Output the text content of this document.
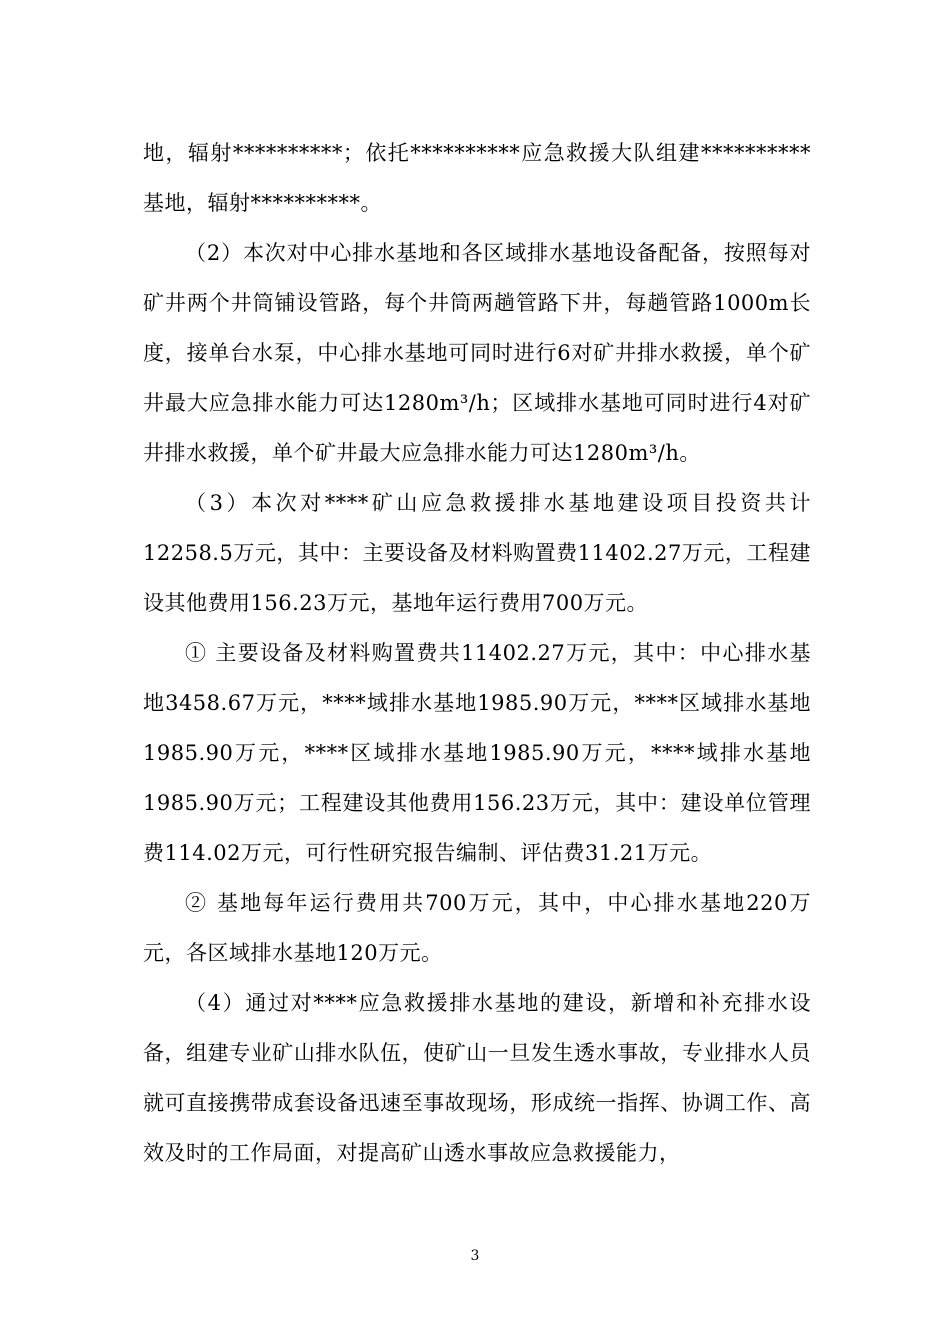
地，辐射**********；依托**********应急救援大队组建**********基地，辐射**********。

（2）本次对中心排水基地和各区域排水基地设备配备，按照每对矿井两个井筒铺设管路，每个井筒两趟管路下井，每趟管路1000m长度，接单台水泵，中心排水基地可同时进行6对矿井排水救援，单个矿井最大应急排水能力可达1280m³/h；区域排水基地可同时进行4对矿井排水救援，单个矿井最大应急排水能力可达1280m³/h。

（3）本次对****矿山应急救援排水基地建设项目投资共计12258.5万元，其中：主要设备及材料购置费11402.27万元，工程建设其他费用156.23万元，基地年运行费用700万元。

① 主要设备及材料购置费共11402.27万元，其中：中心排水基地3458.67万元，****域排水基地1985.90万元，****区域排水基地1985.90万元，****区域排水基地1985.90万元，****域排水基地1985.90万元；工程建设其他费用156.23万元，其中：建设单位管理费114.02万元，可行性研究报告编制、评估费31.21万元。

② 基地每年运行费用共700万元，其中，中心排水基地220万元，各区域排水基地120万元。

（4）通过对****应急救援排水基地的建设，新增和补充排水设备，组建专业矿山排水队伍，使矿山一旦发生透水事故，专业排水人员就可直接携带成套设备迅速至事故现场，形成统一指挥、协调工作、高效及时的工作局面，对提高矿山透水事故应急救援能力，

3
